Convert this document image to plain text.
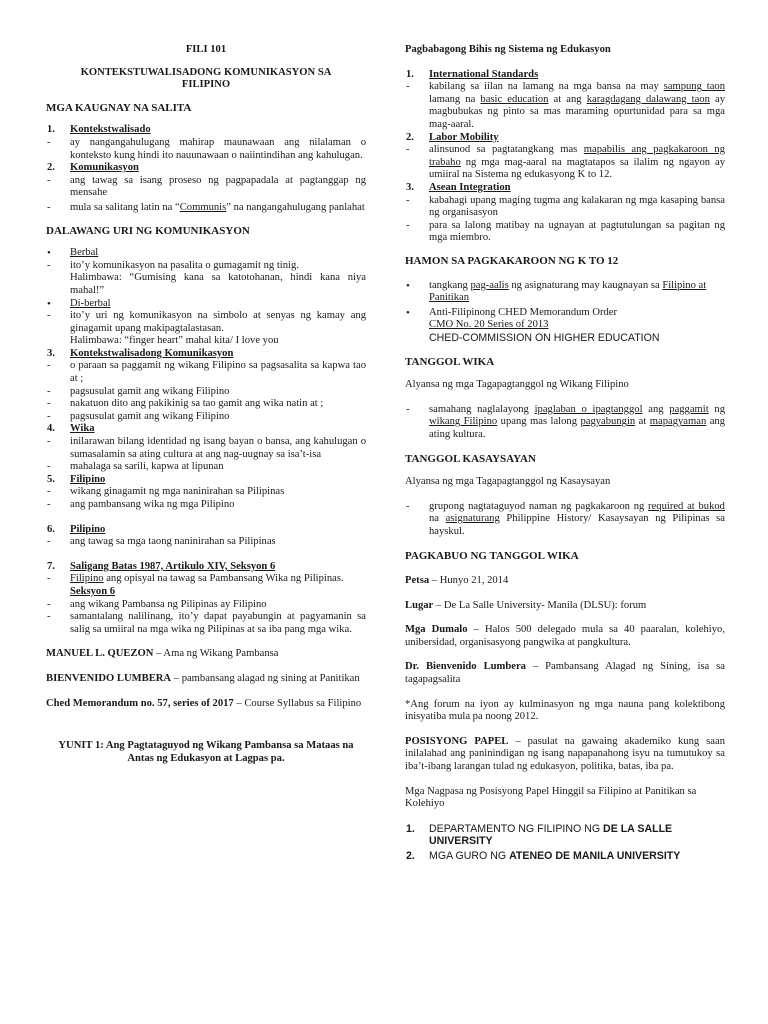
FILI 101
KONTEKSTUWALISADONG KOMUNIKASYON SA
FILIPINO
MGA KAUGNAY NA SALITA
1. Kontekstwalisado
- ay nangangahulugang mahirap maunawaan ang nilalaman o konteksto kung hindi ito nauunawaan o naiintindihan ang kahulugan.
2. Komunikasyon
- ang tawag sa isang proseso ng pagpapadala at pagtanggap ng mensahe
- mula sa salitang latin na “Communis” na nangangahulugang panlahat
DALAWANG URI NG KOMUNIKASYON
• Berbal
- ito’y komunikasyon na pasalita o gumagamit ng tinig.
Halimbawa: “Gumising kana sa katotohanan, hindi kana niya mahal!”
• Di-berbal
- ito’y uri ng komunikasyon na simbolo at senyas ng kamay ang ginagamit upang makipagtalastasan.
Halimbawa: “finger heart” mahal kita/ I love you
3. Kontekstwalisadong Komunikasyon
- o paraan sa paggamit ng wikang Filipino sa pagsasalita sa kapwa tao at ;
- pagsusulat gamit ang wikang Filipino
- nakatuon dito ang pakikinig sa tao gamit ang wika natin at ;
- pagsusulat gamit ang wikang Filipino
4. Wika
- inilarawan bilang identidad ng isang bayan o bansa, ang kahulugan o sumasalamin sa ating cultura at ang nag-uugnay sa isa’t-isa
- mahalaga sa sarili, kapwa at lipunan
5. Filipino
- wikang ginagamit ng mga naninirahan sa Pilipinas
- ang pambansang wika ng mga Pilipino
6. Pilipino
- ang tawag sa mga taong naninirahan sa Pilipinas
7. Saligang Batas 1987, Artikulo XIV, Seksyon 6
- Filipino ang opisyal na tawag sa Pambansang Wika ng Pilipinas.
Seksyon 6
- ang wikang Pambansa ng Pilipinas ay Filipino
- samantalang nalilinang, ito’y dapat payabungin at pagyamanin sa salig sa umiiral na mga wika ng Pilipinas at sa iba pang mga wika.
MANUEL L. QUEZON – Ama ng Wikang Pambansa
BIENVENIDO LUMBERA – pambansang alagad ng sining at Panitikan
Ched Memorandum no. 57, series of 2017 – Course Syllabus sa Filipino
YUNIT 1: Ang Pagtataguyod ng Wikang Pambansa sa Mataas na
Antas ng Edukasyon at Lagpas pa.
Pagbabagong Bihis ng Sistema ng Edukasyon
1. International Standards
- kabilang sa iilan na lamang na mga bansa na may sampung taon lamang na basic education at ang karagdagang dalawang taon ay magbubukas ng pinto sa mas maraming opurtunidad para sa mga mag-aaral.
2. Labor Mobility
- alinsunod sa pagtatangkang mas mapabilis ang pagkakaroon ng trabaho ng mga mag-aaral na magtatapos sa ilalim ng ngayon ay umiiral na Sistema ng edukasyong K to 12.
3. Asean Integration
- kabahagi upang maging tugma ang kalakaran ng mga kasaping bansa ng organisasyon
- para sa lalong matibay na ugnayan at pagtutulungan sa pagitan ng mga miembro.
HAMON SA PAGKAKAROON NG K TO 12
• tangkang pag-aalis ng asignaturang may kaugnayan sa Filipino at Panitikan
• Anti-Filipinong CHED Memorandum Order
CMO No. 20 Series of 2013
CHED-COMMISSION ON HIGHER EDUCATION
TANGGOL WIKA
Alyansa ng mga Tagapagtanggol ng Wikang Filipino
- samahang naglalayong ipaglaban o ipagtanggol ang paggamit ng wikang Filipino upang mas lalong pagyabungin at mapagyaman ang ating kultura.
TANGGOL KASAYSAYAN
Alyansa ng mga Tagapagtanggol ng Kasaysayan
- grupong nagtataguyod naman ng pagkakaroon ng required at bukod na asignaturang Philippine History/ Kasaysayan ng Pilipinas sa hayskul.
PAGKABUO NG TANGGOL WIKA
Petsa – Hunyo 21, 2014
Lugar – De La Salle University- Manila (DLSU): forum
Mga Dumalo – Halos 500 delegado mula sa 40 paaralan, kolehiyo, unibersidad, organisasyong pangwika at pangkultura.
Dr. Bienvenido Lumbera – Pambansang Alagad ng Sining, isa sa tagapagsalita
*Ang forum na iyon ay kulminasyon ng mga nauna pang kolektibong inisyatiba mula pa noong 2012.
POSISYONG PAPEL – pasulat na gawaing akademiko kung saan inilalahad ang paninindigan ng isang napapanahong isyu na tumutukoy sa iba’t-ibang larangan tulad ng edukasyon, politika, batas, iba pa.
Mga Nagpasa ng Posisyong Papel Hinggil sa Filipino at Panitikan sa Kolehiyo
1. DEPARTAMENTO NG FILIPINO NG DE LA SALLE UNIVERSITY
2. MGA GURO NG ATENEO DE MANILA UNIVERSITY
